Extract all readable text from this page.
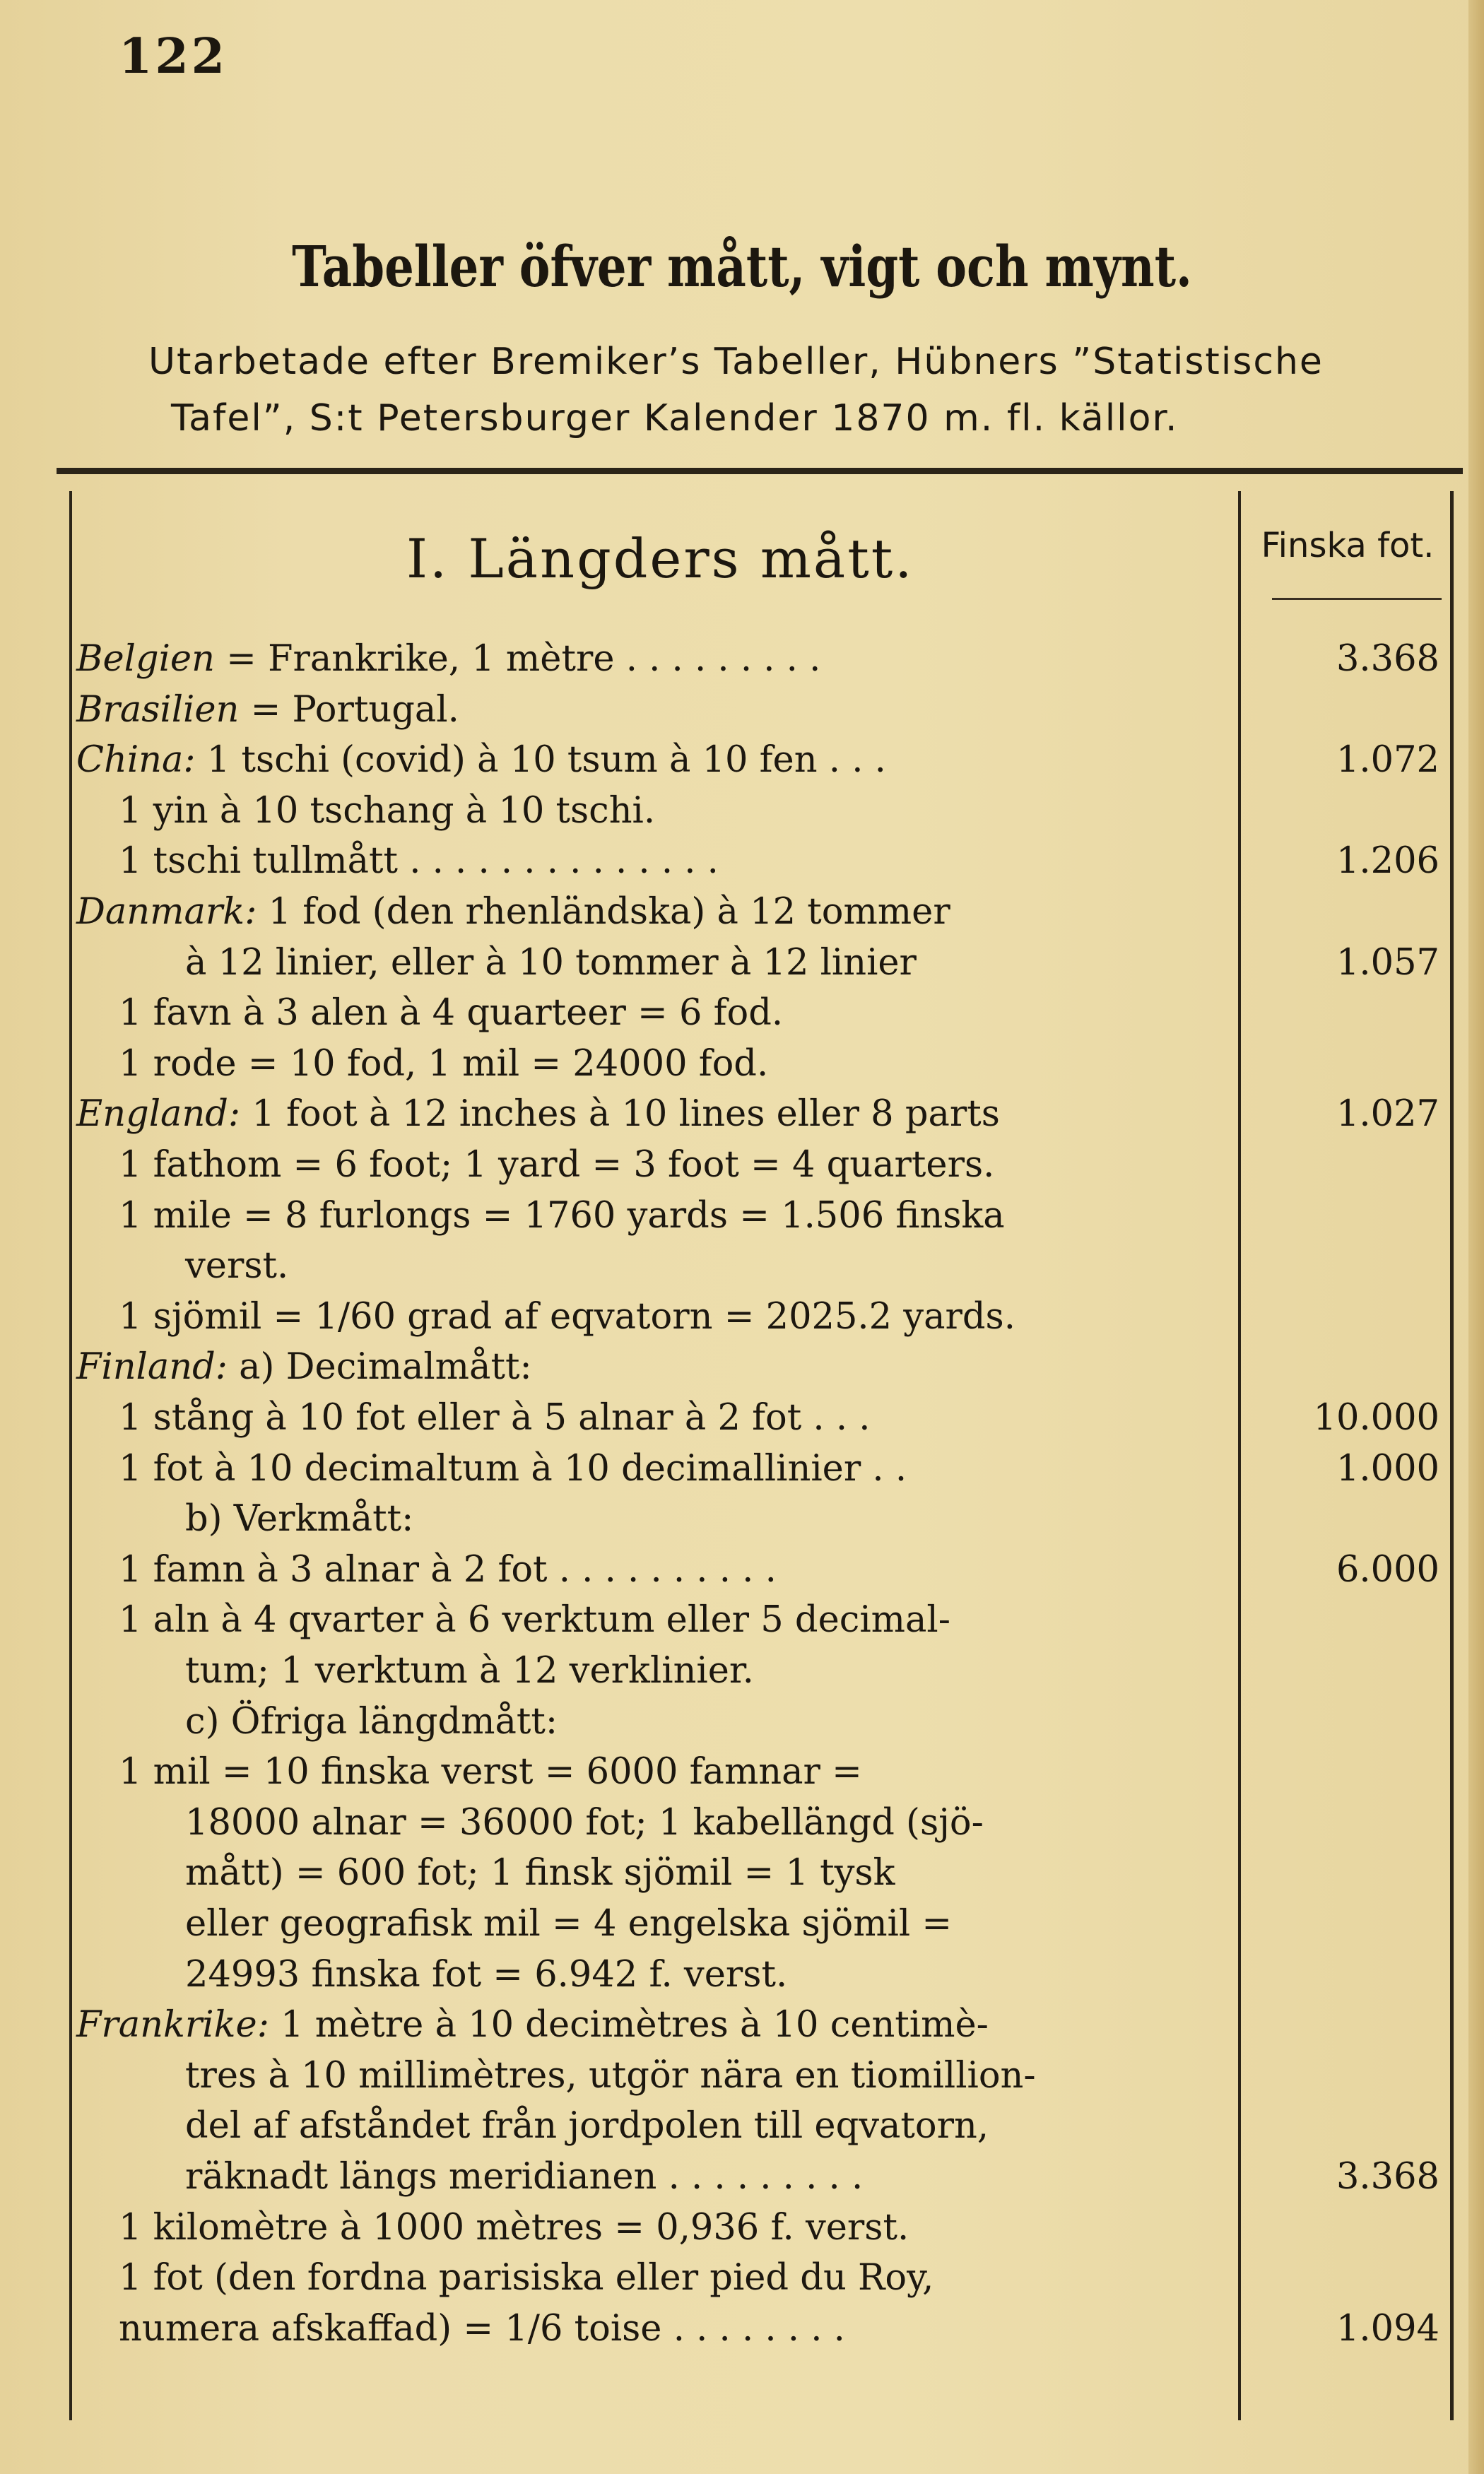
122
Tabeller öfver mått, vigt och mynt.
Utarbetade efter Bremiker’s Tabeller, Hübners ”Statistische
Tafel”, S:t Petersburger Kalender 1870 m. fl. källor.
I. Längders mått.	Finska fot.
Belgien = Frankrike, 1 mètre . . . . . . . . .	3.368
Brasilien = Portugal.
China: 1 tschi (covid) à 10 tsum à 10 fen . . .	1.072
1 yin à 10 tschang à 10 tschi.
1 tschi tullmått . . . . . . . . . . . . . .	1.206
Danmark: 1 fod (den rhenländska) à 12 tommer
à 12 linier, eller à 10 tommer à 12 linier	1.057
1 favn à 3 alen à 4 quarteer = 6 fod.
1 rode = 10 fod, 1 mil = 24000 fod.
England: 1 foot à 12 inches à 10 lines eller 8 parts	1.027
1 fathom = 6 foot; 1 yard = 3 foot = 4 quarters.
1 mile = 8 furlongs = 1760 yards = 1.506 finska
verst.
1 sjömil = 1/60 grad af eqvatorn = 2025.2 yards.
Finland: a) Decimalmått:
1 stång à 10 fot eller à 5 alnar à 2 fot . . .	10.000
1 fot à 10 decimaltum à 10 decimallinier . .	1.000
b) Verkmått:
1 famn à 3 alnar à 2 fot . . . . . . . . . .	6.000
1 aln à 4 qvarter à 6 verktum eller 5 decimal-
tum; 1 verktum à 12 verklinier.
c) Öfriga längdmått:
1 mil = 10 finska verst = 6000 famnar =
18000 alnar = 36000 fot; 1 kabellängd (sjö-
mått) = 600 fot; 1 finsk sjömil = 1 tysk
eller geografisk mil = 4 engelska sjömil =
24993 finska fot = 6.942 f. verst.
Frankrike: 1 mètre à 10 decimètres à 10 centimè-
tres à 10 millimètres, utgör nära en tiomillion-
del af afståndet från jordpolen till eqvatorn,
räknadt längs meridianen . . . . . . . . .	3.368
1 kilomètre à 1000 mètres = 0,936 f. verst.
1 fot (den fordna parisiska eller pied du Roy,
numera afskaffad) = 1/6 toise . . . . . . . .	1.094
